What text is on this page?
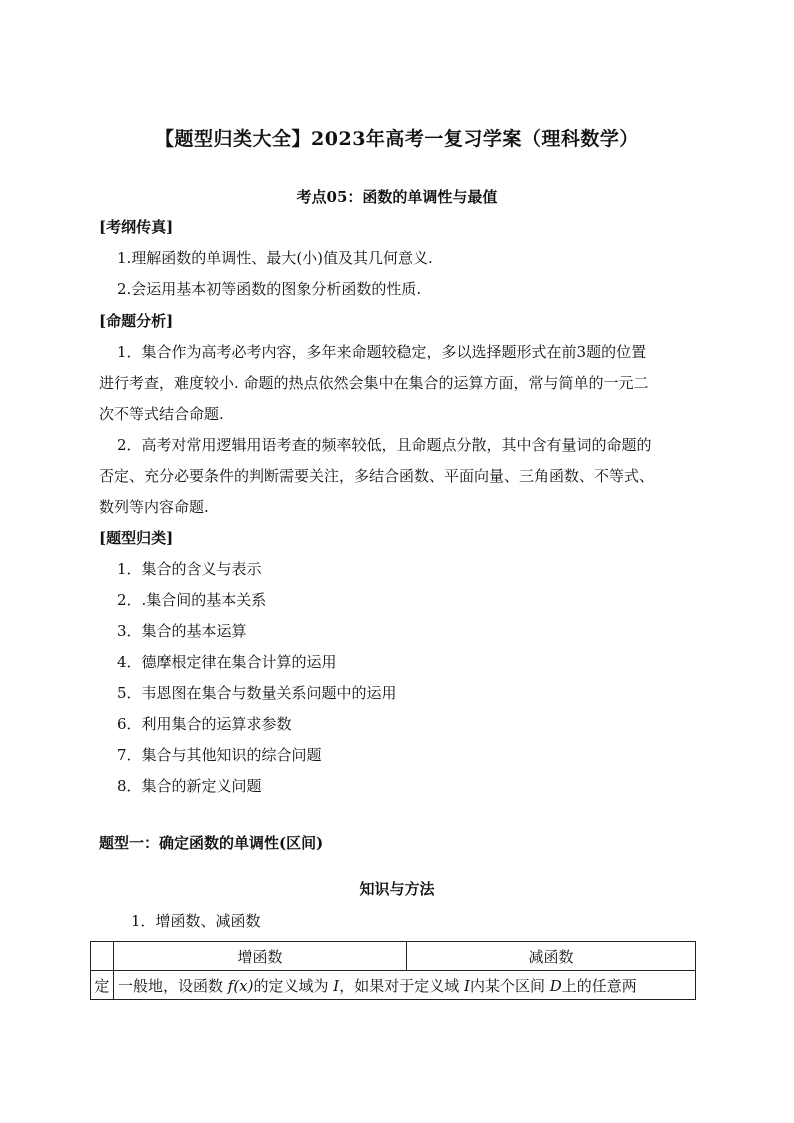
【题型归类大全】2023年高考一复习学案（理科数学）
考点05：函数的单调性与最值
[考纲传真]
1.理解函数的单调性、最大(小)值及其几何意义.
2.会运用基本初等函数的图象分析函数的性质.
[命题分析]
1．集合作为高考必考内容，多年来命题较稳定，多以选择题形式在前3题的位置
进行考查，难度较小. 命题的热点依然会集中在集合的运算方面，常与简单的一元二
次不等式结合命题.
2．高考对常用逻辑用语考查的频率较低，且命题点分散，其中含有量词的命题的
否定、充分必要条件的判断需要关注，多结合函数、平面向量、三角函数、不等式、
数列等内容命题.
[题型归类]
1．集合的含义与表示
2．.集合间的基本关系
3．集合的基本运算
4．德摩根定律在集合计算的运用
5．韦恩图在集合与数量关系问题中的运用
6．利用集合的运算求参数
7．集合与其他知识的综合问题
8．集合的新定义问题
题型一：确定函数的单调性(区间)
知识与方法
1．增函数、减函数
	增函数	减函数
定	一般地，设函数 f(x)的定义域为 I，如果对于定义域 I内某个区间 D上的任意两	
